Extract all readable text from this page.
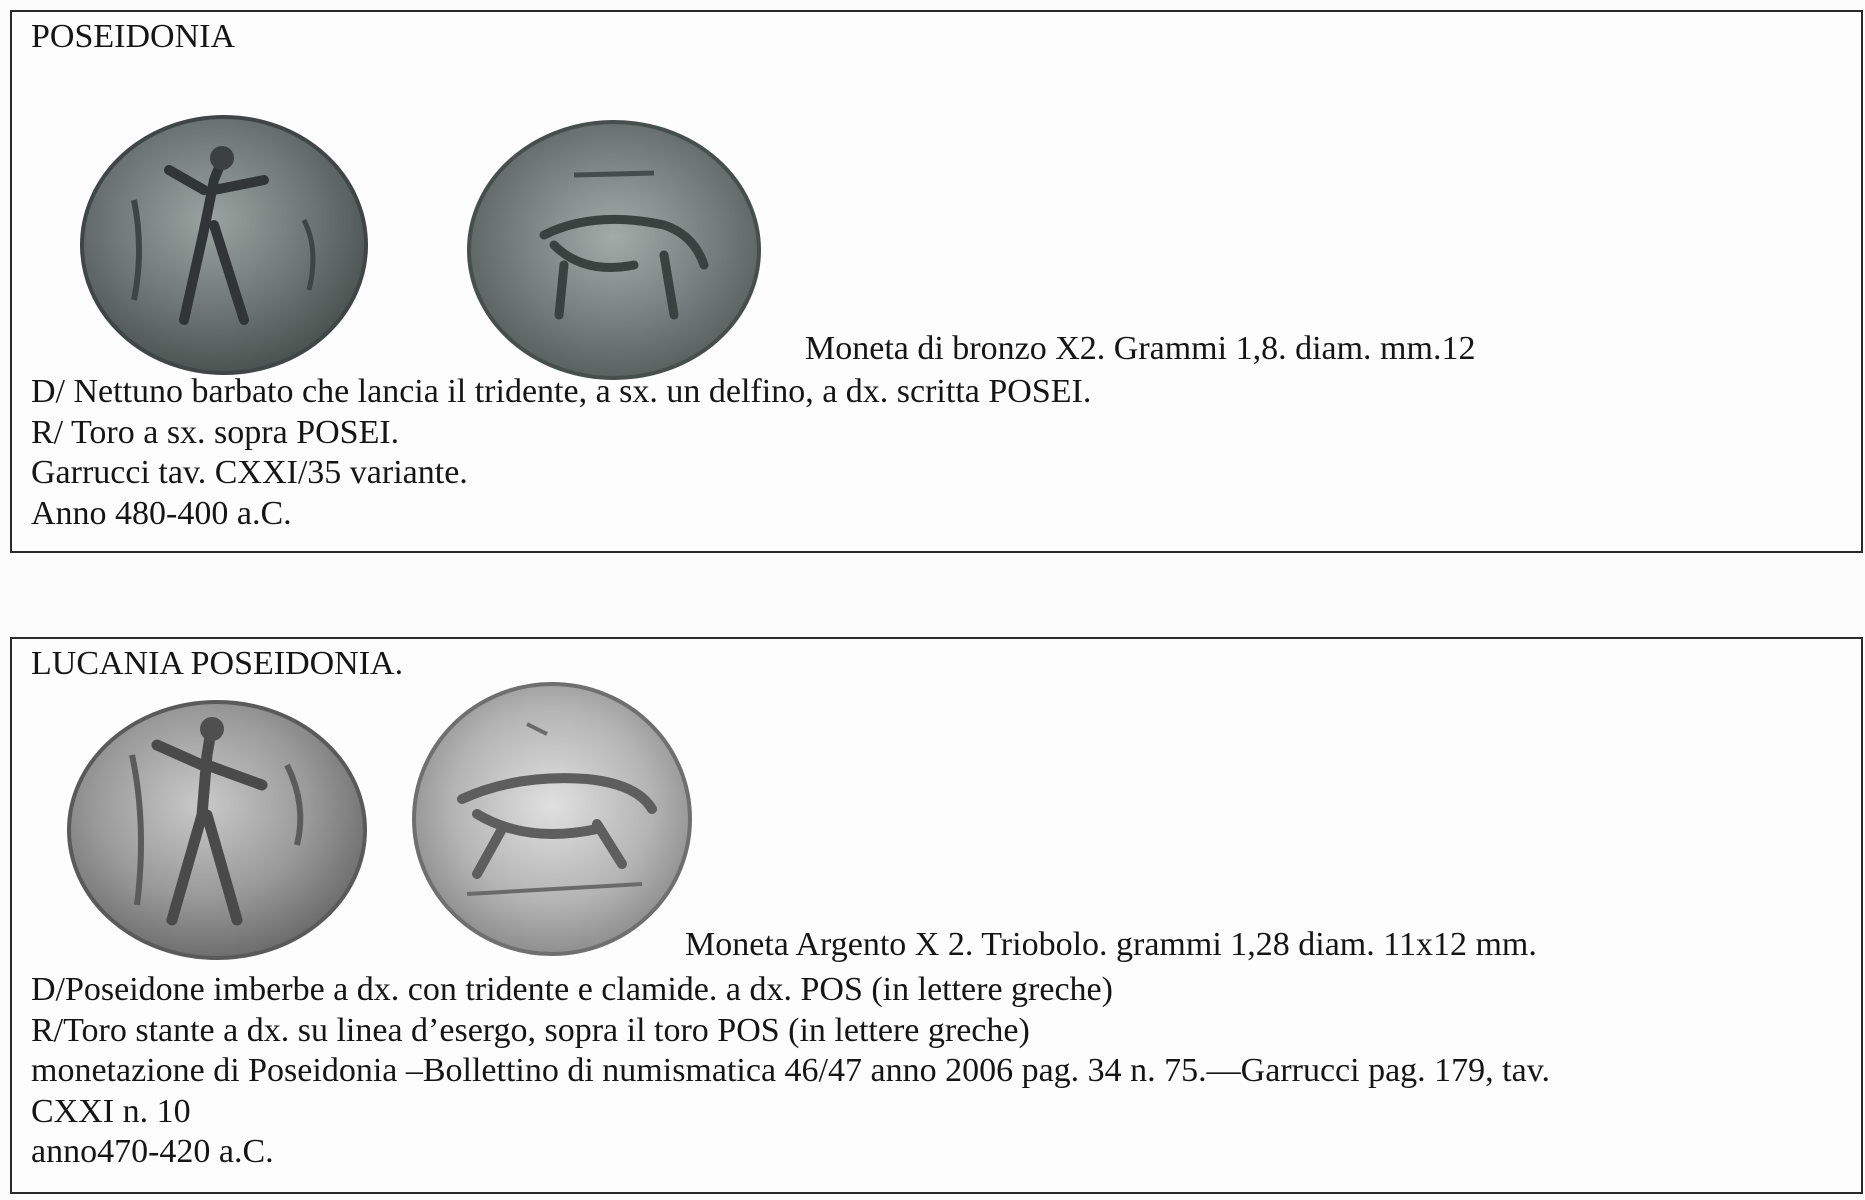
POSEIDONIA
Moneta di bronzo X2. Grammi 1,8. diam. mm.12
D/ Nettuno barbato che lancia il tridente, a sx. un delfino, a dx. scritta POSEI.
R/ Toro a sx. sopra POSEI.
Garrucci tav. CXXI/35 variante.
Anno 480-400 a.C.
LUCANIA POSEIDONIA.
Moneta Argento X 2. Triobolo. grammi 1,28 diam. 11x12 mm.
D/Poseidone imberbe a dx. con tridente e clamide. a dx. POS (in lettere greche)
R/Toro stante a dx. su linea d’esergo, sopra il toro POS (in lettere greche)
monetazione di Poseidonia –Bollettino di numismatica 46/47 anno 2006 pag. 34 n. 75.—Garrucci pag. 179, tav.
CXXI n. 10
anno470-420 a.C.
